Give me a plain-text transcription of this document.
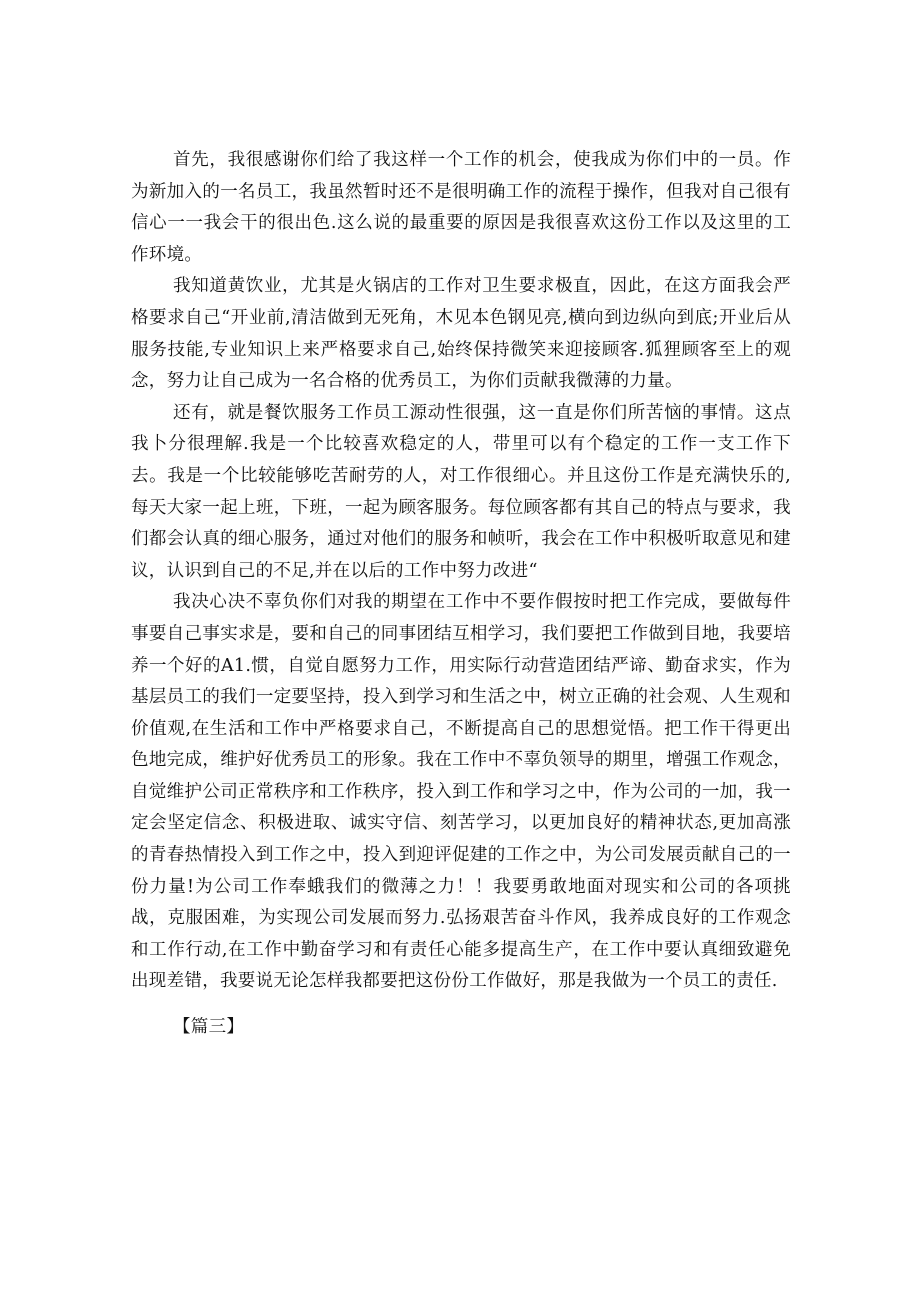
首先，我很感谢你们给了我这样一个工作的机会，使我成为你们中的一员。作为新加入的一名员工，我虽然暂时还不是很明确工作的流程于操作，但我对自己很有信心一一我会干的很出色.这么说的最重要的原因是我很喜欢这份工作以及这里的工作环境。

我知道黄饮业，尤其是火锅店的工作对卫生要求极直，因此，在这方面我会严格要求自己“开业前,清洁做到无死角，木见本色钢见亮,横向到边纵向到底;开业后从服务技能,专业知识上来严格要求自己,始终保持微笑来迎接顾客.狐狸顾客至上的观念，努力让自己成为一名合格的优秀员工，为你们贡献我微薄的力量。

还有，就是餐饮服务工作员工源动性很强，这一直是你们所苦恼的事情。这点我卜分很理解.我是一个比较喜欢稳定的人，带里可以有个稳定的工作一支工作下去。我是一个比较能够吃苦耐劳的人，对工作很细心。并且这份工作是充满快乐的,每天大家一起上班，下班，一起为顾客服务。每位顾客都有其自己的特点与要求，我们都会认真的细心服务，通过对他们的服务和帧听，我会在工作中积极听取意见和建议，认识到自己的不足,并在以后的工作中努力改进“

我决心决不辜负你们对我的期望在工作中不要作假按时把工作完成，要做每件事要自己事实求是，要和自己的同事团结互相学习，我们要把工作做到目地，我要培养一个好的A1.惯，自觉自愿努力工作，用实际行动营造团结严谛、勤奋求实，作为基层员工的我们一定要坚持，投入到学习和生活之中，树立正确的社会观、人生观和价值观,在生活和工作中严格要求自己，不断提高自己的思想觉悟。把工作干得更出色地完成，维护好优秀员工的形象。我在工作中不辜负领导的期里，增强工作观念，自觉维护公司正常秩序和工作秩序，投入到工作和学习之中，作为公司的一加，我一定会坚定信念、积极进取、诚实守信、刻苦学习，以更加良好的精神状态,更加高涨的青春热情投入到工作之中，投入到迎评促建的工作之中，为公司发展贡献自己的一份力量!为公司工作奉蛾我们的微薄之力！！我要勇敢地面对现实和公司的各项挑战，克服困难，为实现公司发展而努力.弘扬艰苦奋斗作风，我养成良好的工作观念和工作行动,在工作中勤奋学习和有责任心能多提高生产，在工作中要认真细致避免出现差错，我要说无论怎样我都要把这份份工作做好，那是我做为一个员工的责任.

【篇三】
